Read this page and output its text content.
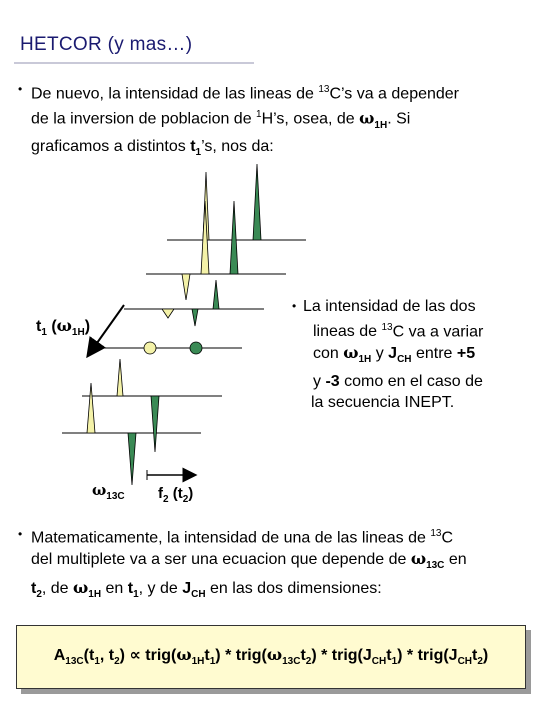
HETCOR (y mas…)
• De nuevo, la intensidad de las lineas de $^{13}$C’s va a depender
de la inversion de poblacion de $^1$H’s, osea, de $\omega_{1H}$. Si
graficamos a distintos $t_1’s$, nos da:
$t_1$ $(\omega_{1H})$
$\omega_{13C}$ $f_2$ $(t_2)$
• La intensidad de las dos
lineas de $^{13}$C va a variar
con $\omega_{1H}$ y $J_{CH}$ entre +5
y -3 como en el caso de
la secuencia INEPT.
• Matematicamente, la intensidad de una de las lineas de $^{13}$C
del multiplete va a ser una ecuacion que depende de $\omega_{13C}$ en
$t_2$, de $\omega_{1H}$ en $t_1$, y de $J_{CH}$ en las dos dimensiones:
$A_{13C}(t_1$, $t_2$) ∝ $trig(\omega_{1H}t_1)$ * $trig(\omega_{13C}t_2)$ * $trig(J_{CH}t_1)$ * $trig(J_{CH}t_2)$
